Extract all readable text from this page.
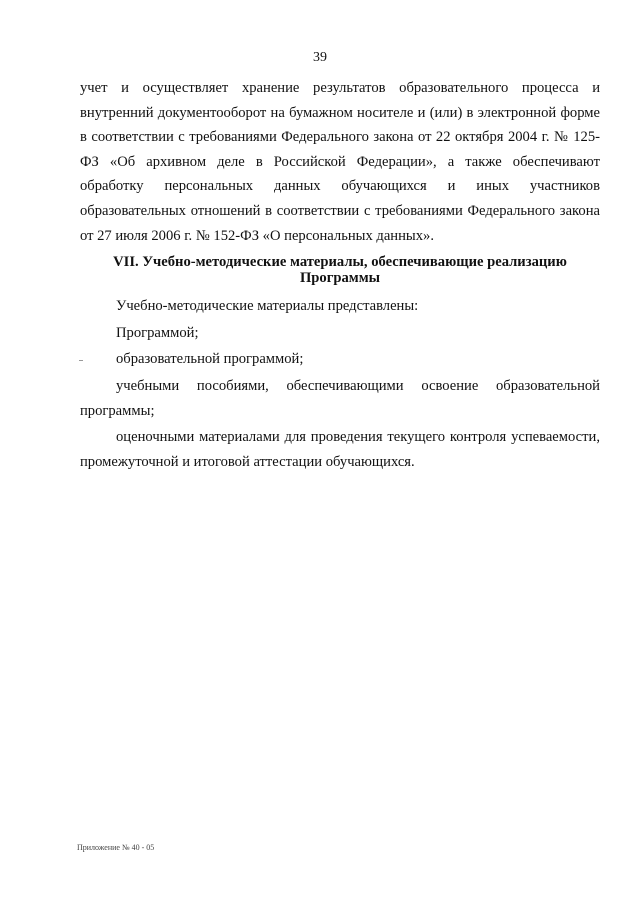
39

учет и осуществляет хранение результатов образовательного процесса и внутренний документооборот на бумажном носителе и (или) в электронной форме в соответствии с требованиями Федерального закона от 22 октября 2004 г. № 125-ФЗ «Об архивном деле в Российской Федерации», а также обеспечивают обработку персональных данных обучающихся и иных участников образовательных отношений в соответствии с требованиями Федерального закона от 27 июля 2006 г. № 152-ФЗ «О персональных данных».

VII. Учебно-методические материалы, обеспечивающие реализацию
Программы

Учебно-методические материалы представлены:

Программой;

образовательной программой;

учебными пособиями, обеспечивающими освоение образовательной программы;

оценочными материалами для проведения текущего контроля успеваемости, промежуточной и итоговой аттестации обучающихся.

Приложение № 40 - 05
